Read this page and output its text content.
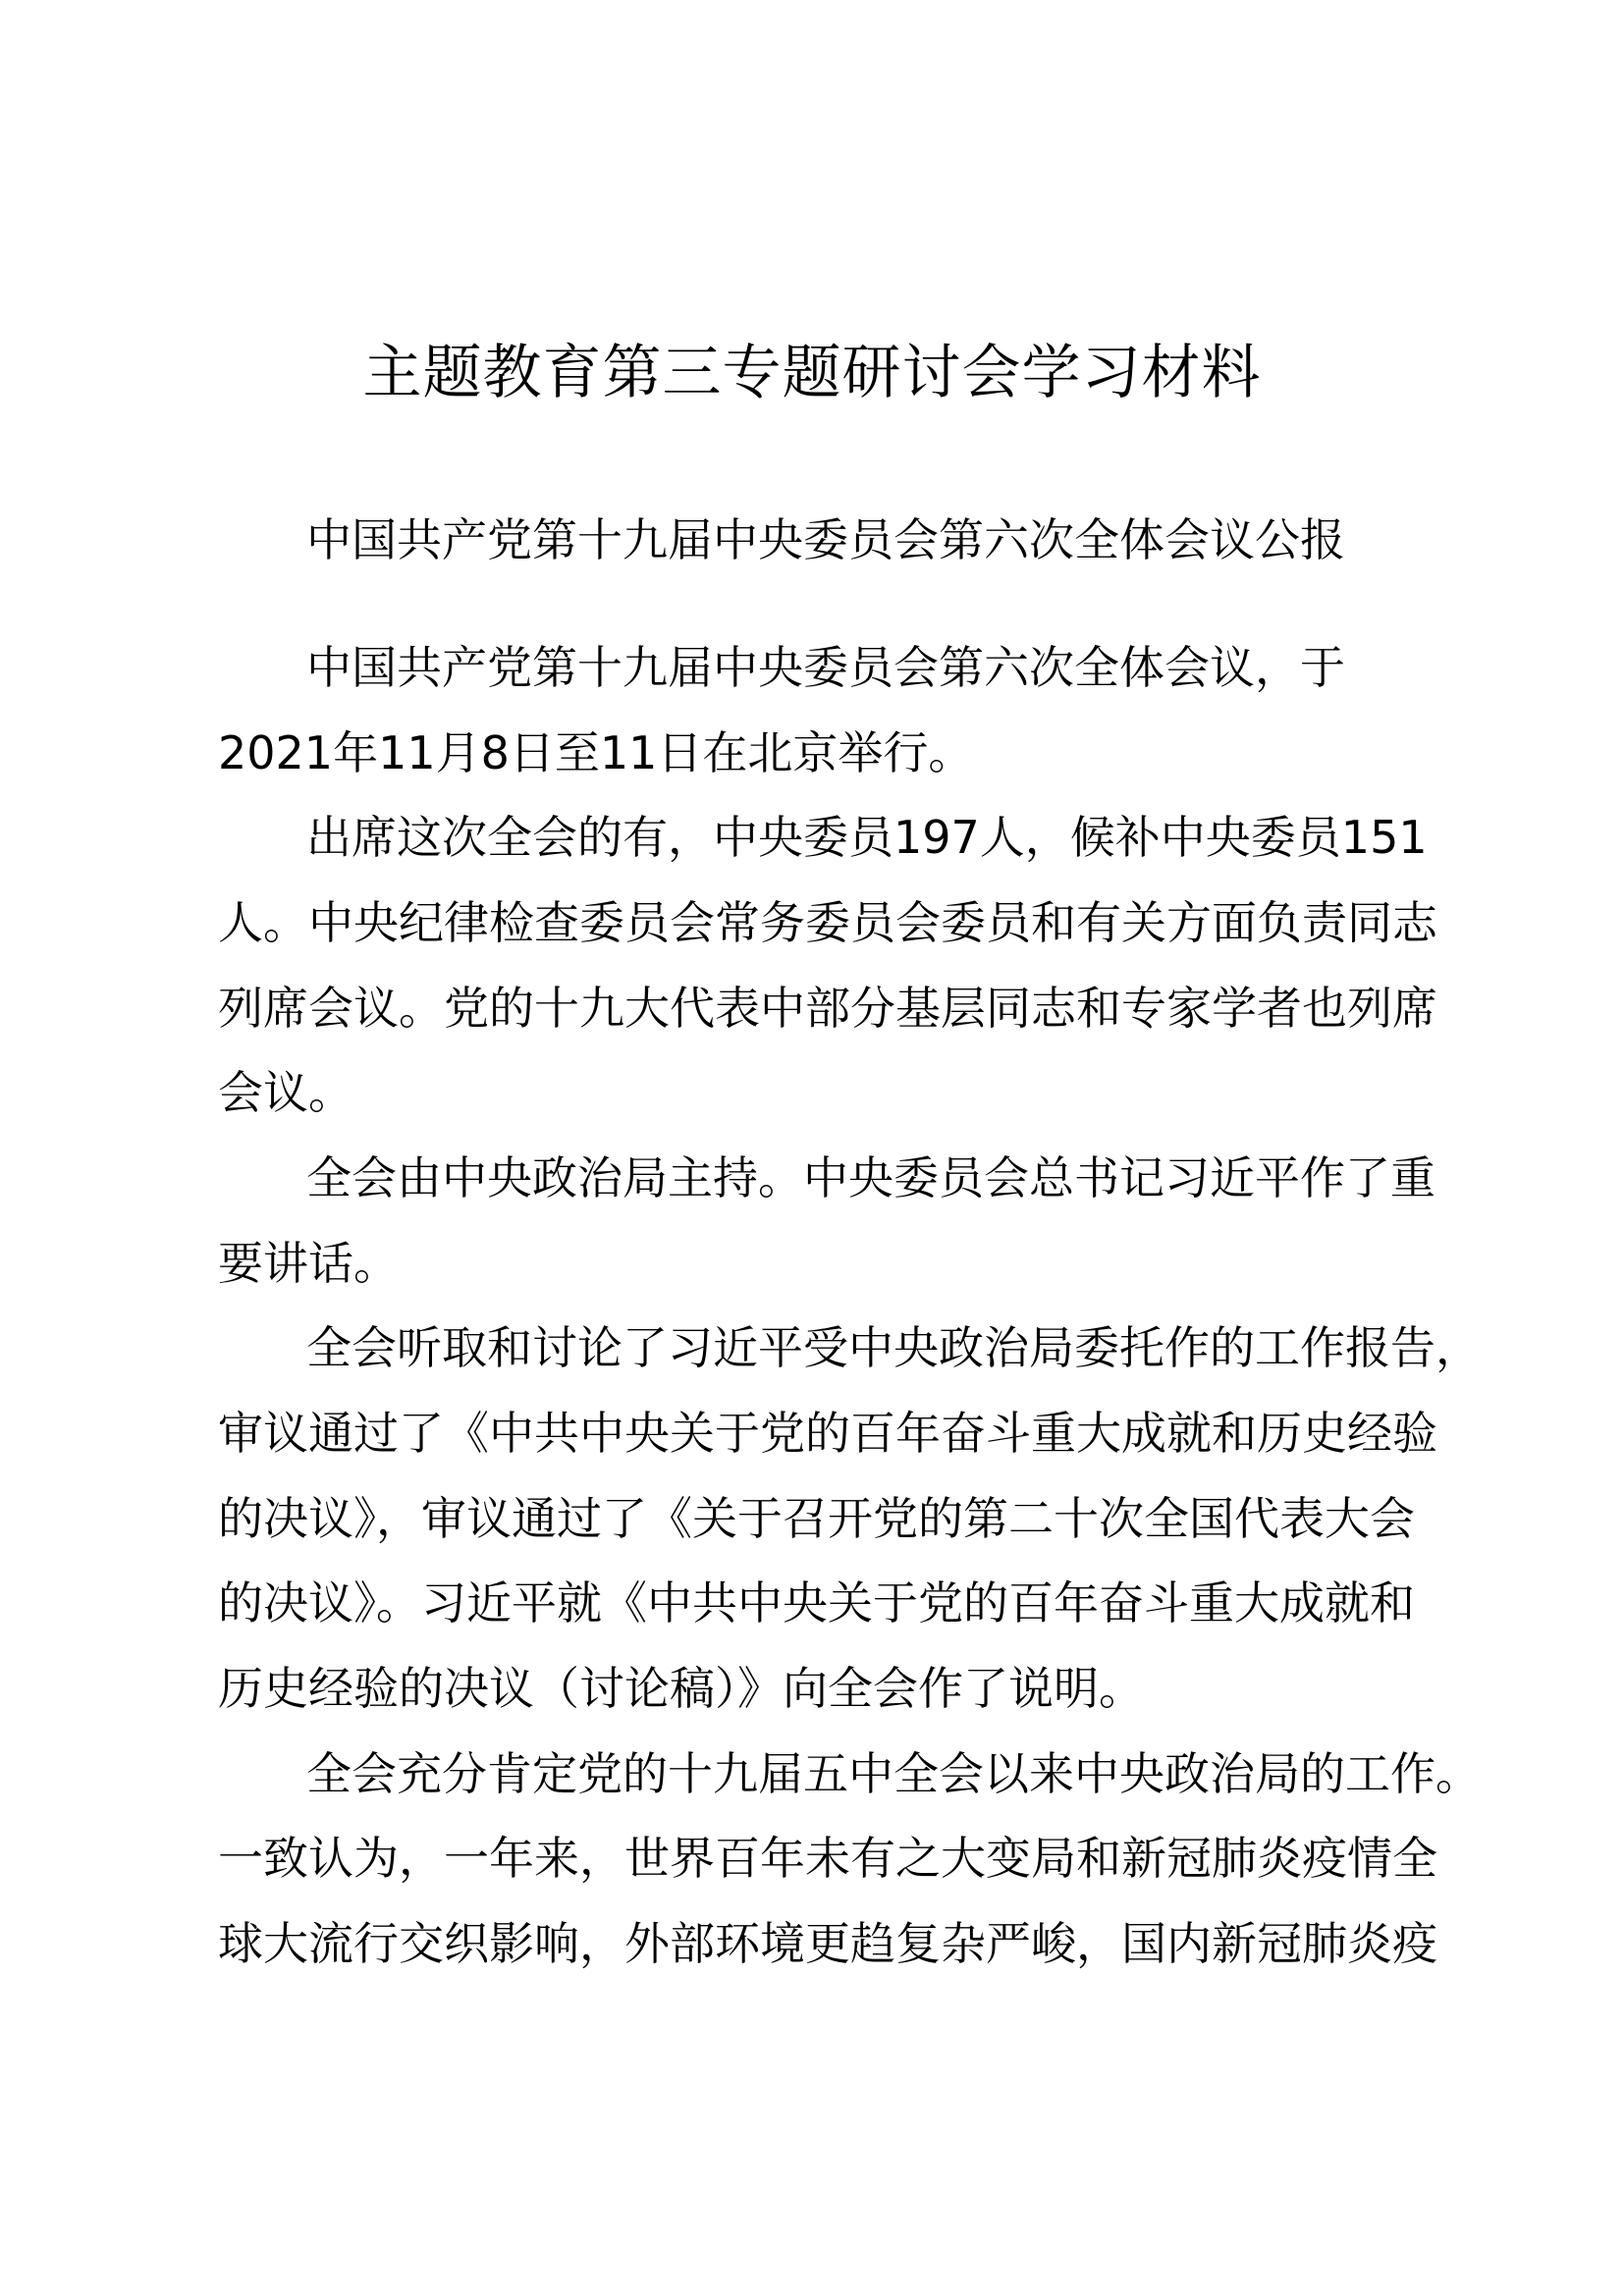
主题教育第三专题研讨会学习材料
中国共产党第十九届中央委员会第六次全体会议公报
中国共产党第十九届中央委员会第六次全体会议，于
2021年11月8日至11日在北京举行。
出席这次全会的有，中央委员197人，候补中央委员151
人。中央纪律检查委员会常务委员会委员和有关方面负责同志
列席会议。党的十九大代表中部分基层同志和专家学者也列席
会议。
全会由中央政治局主持。中央委员会总书记习近平作了重
要讲话。
全会听取和讨论了习近平受中央政治局委托作的工作报告，
审议通过了《中共中央关于党的百年奋斗重大成就和历史经验
的决议》，审议通过了《关于召开党的第二十次全国代表大会
的决议》。习近平就《中共中央关于党的百年奋斗重大成就和
历史经验的决议（讨论稿）》向全会作了说明。
全会充分肯定党的十九届五中全会以来中央政治局的工作。
一致认为，一年来，世界百年未有之大变局和新冠肺炎疫情全
球大流行交织影响，外部环境更趋复杂严峻，国内新冠肺炎疫
